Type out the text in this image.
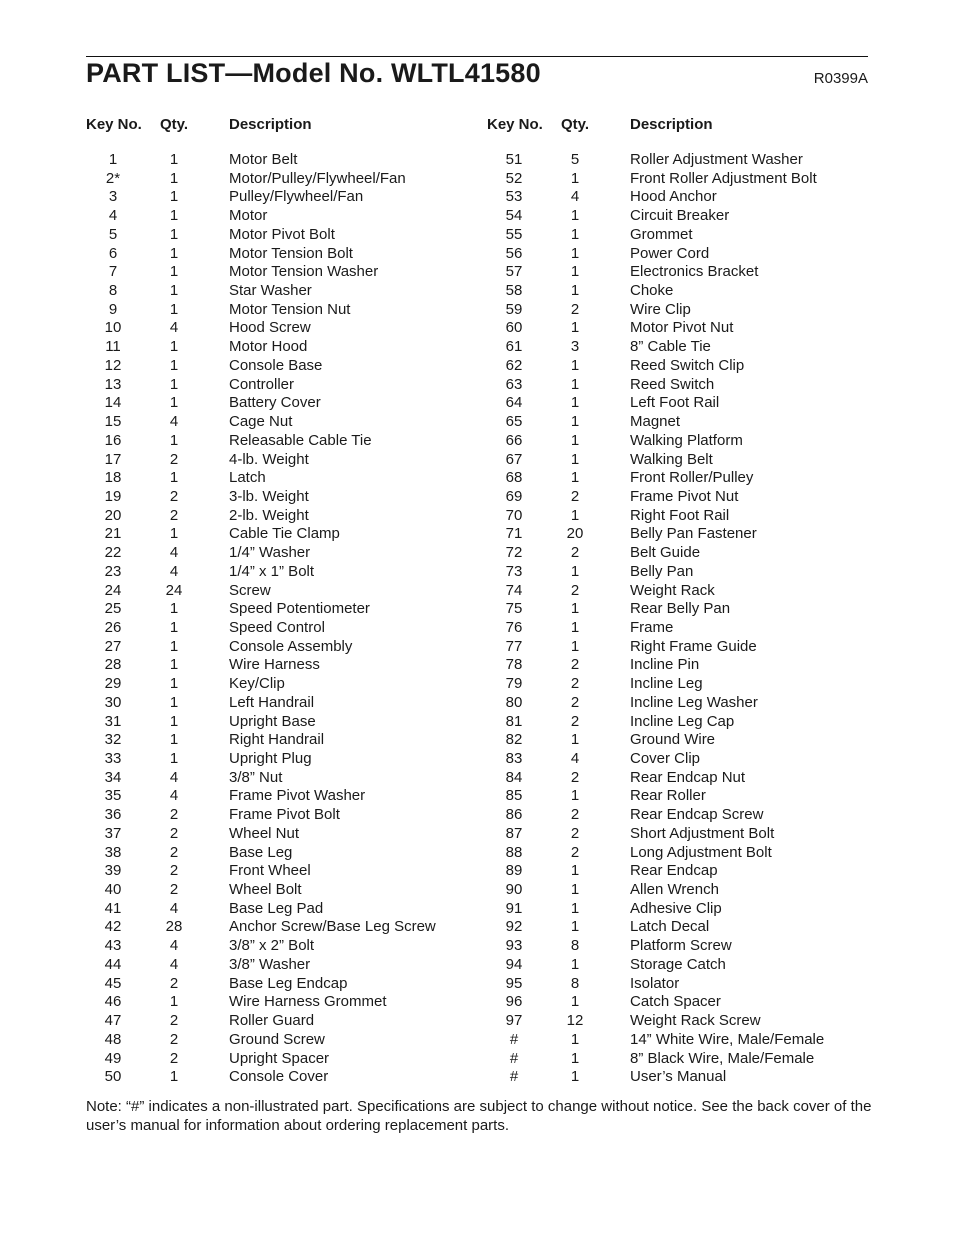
PART LIST—Model No. WLTL41580	R0399A
Key No. Qty.	Description	Key No. Qty.	Description
1	1	Motor Belt
2*	1	Motor/Pulley/Flywheel/Fan
3	1	Pulley/Flywheel/Fan
4	1	Motor
5	1	Motor Pivot Bolt
6	1	Motor Tension Bolt
7	1	Motor Tension Washer
8	1	Star Washer
9	1	Motor Tension Nut
10	4	Hood Screw
11	1	Motor Hood
12	1	Console Base
13	1	Controller
14	1	Battery Cover
15	4	Cage Nut
16	1	Releasable Cable Tie
17	2	4-lb. Weight
18	1	Latch
19	2	3-lb. Weight
20	2	2-lb. Weight
21	1	Cable Tie Clamp
22	4	1/4” Washer
23	4	1/4” x 1” Bolt
24	24	Screw
25	1	Speed Potentiometer
26	1	Speed Control
27	1	Console Assembly
28	1	Wire Harness
29	1	Key/Clip
30	1	Left Handrail
31	1	Upright Base
32	1	Right Handrail
33	1	Upright Plug
34	4	3/8” Nut
35	4	Frame Pivot Washer
36	2	Frame Pivot Bolt
37	2	Wheel Nut
38	2	Base Leg
39	2	Front Wheel
40	2	Wheel Bolt
41	4	Base Leg Pad
42	28	Anchor Screw/Base Leg Screw
43	4	3/8” x 2” Bolt
44	4	3/8” Washer
45	2	Base Leg Endcap
46	1	Wire Harness Grommet
47	2	Roller Guard
48	2	Ground Screw
49	2	Upright Spacer
50	1	Console Cover
51	5	Roller Adjustment Washer
52	1	Front Roller Adjustment Bolt
53	4	Hood Anchor
54	1	Circuit Breaker
55	1	Grommet
56	1	Power Cord
57	1	Electronics Bracket
58	1	Choke
59	2	Wire Clip
60	1	Motor Pivot Nut
61	3	8” Cable Tie
62	1	Reed Switch Clip
63	1	Reed Switch
64	1	Left Foot Rail
65	1	Magnet
66	1	Walking Platform
67	1	Walking Belt
68	1	Front Roller/Pulley
69	2	Frame Pivot Nut
70	1	Right Foot Rail
71	20	Belly Pan Fastener
72	2	Belt Guide
73	1	Belly Pan
74	2	Weight Rack
75	1	Rear Belly Pan
76	1	Frame
77	1	Right Frame Guide
78	2	Incline Pin
79	2	Incline Leg
80	2	Incline Leg Washer
81	2	Incline Leg Cap
82	1	Ground Wire
83	4	Cover Clip
84	2	Rear Endcap Nut
85	1	Rear Roller
86	2	Rear Endcap Screw
87	2	Short Adjustment Bolt
88	2	Long Adjustment Bolt
89	1	Rear Endcap
90	1	Allen Wrench
91	1	Adhesive Clip
92	1	Latch Decal
93	8	Platform Screw
94	1	Storage Catch
95	8	Isolator
96	1	Catch Spacer
97	12	Weight Rack Screw
#	1	14” White Wire, Male/Female
#	1	8” Black Wire, Male/Female
#	1	User’s Manual
Note: “#” indicates a non-illustrated part. Specifications are subject to change without notice. See the back cover of the user’s manual for information about ordering replacement parts.
